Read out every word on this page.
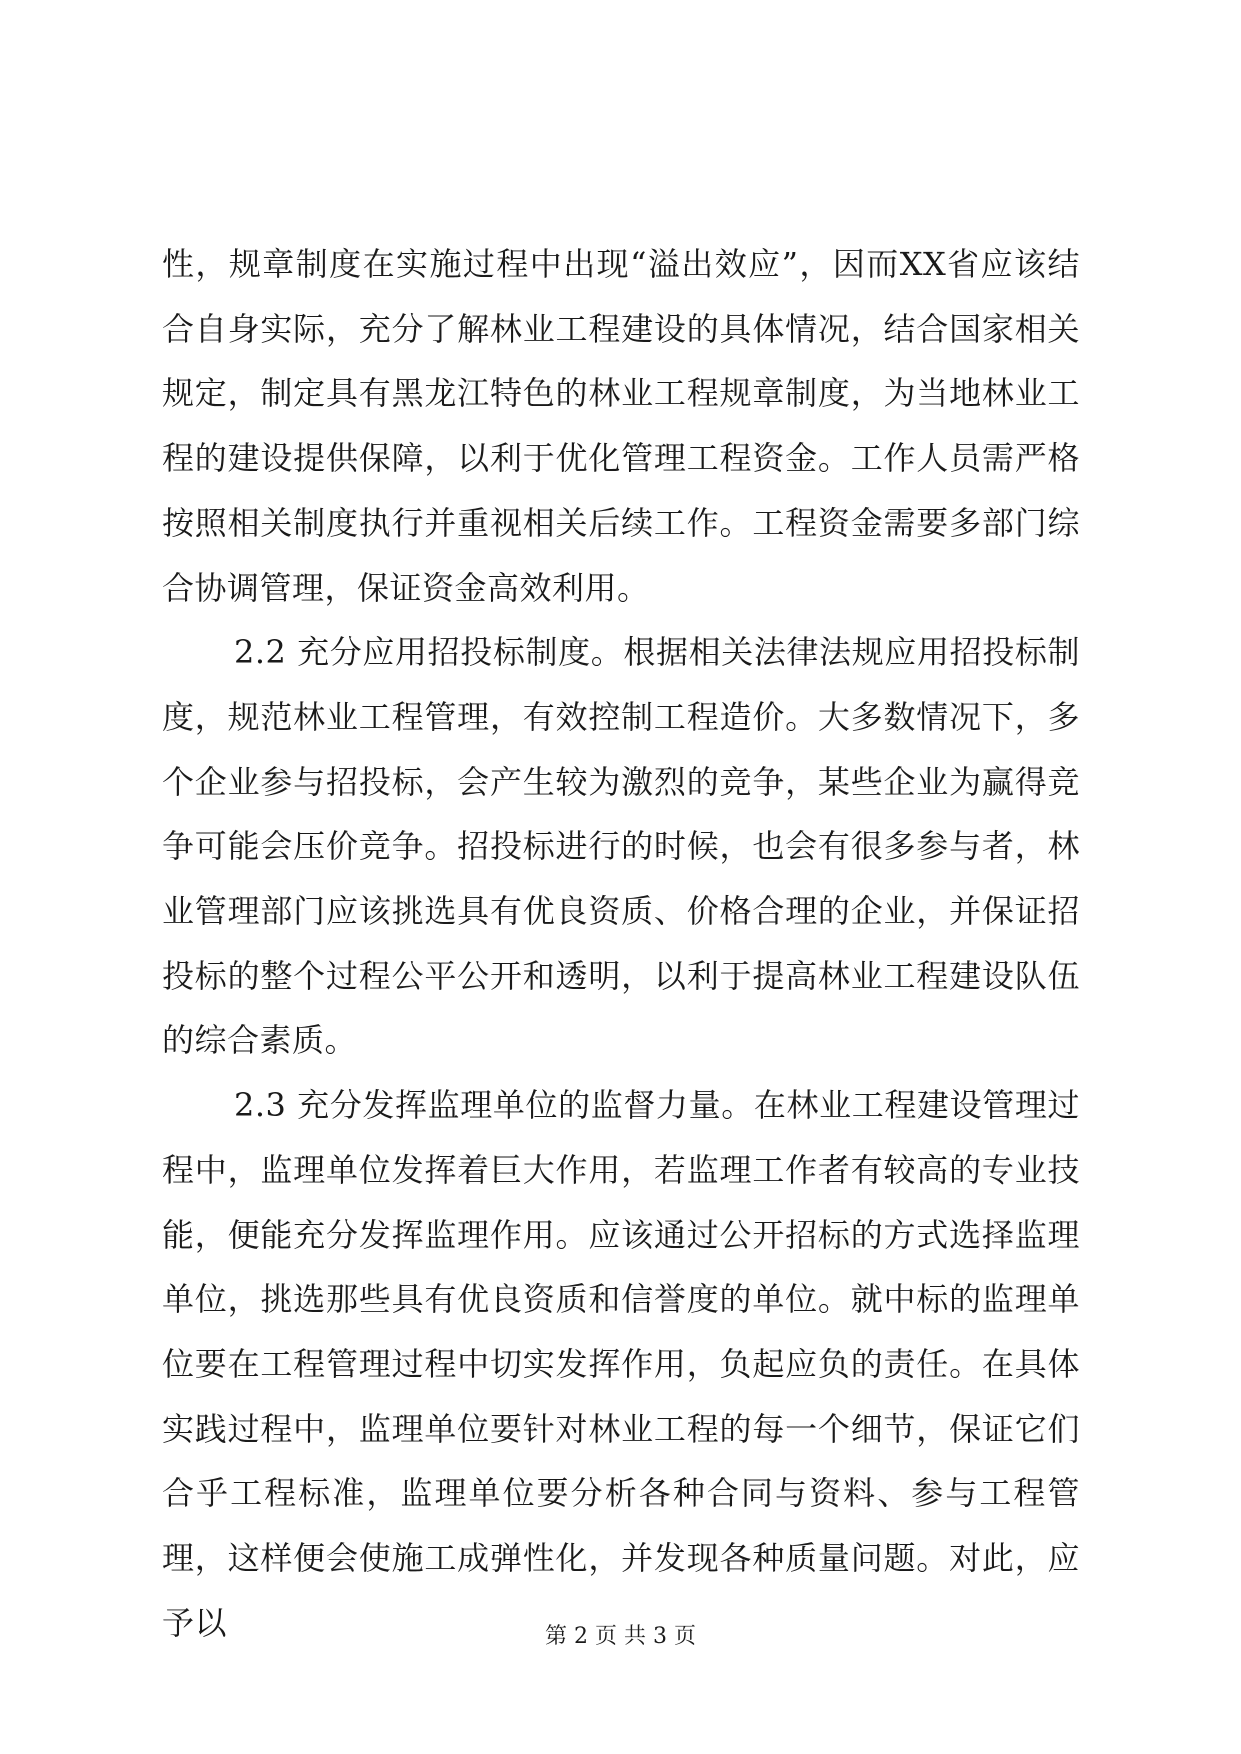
性，规章制度在实施过程中出现“溢出效应”，因而XX省应该结合自身实际，充分了解林业工程建设的具体情况，结合国家相关规定，制定具有黑龙江特色的林业工程规章制度，为当地林业工程的建设提供保障，以利于优化管理工程资金。工作人员需严格按照相关制度执行并重视相关后续工作。工程资金需要多部门综合协调管理，保证资金高效利用。

2.2 充分应用招投标制度。根据相关法律法规应用招投标制度，规范林业工程管理，有效控制工程造价。大多数情况下，多个企业参与招投标，会产生较为激烈的竞争，某些企业为赢得竞争可能会压价竞争。招投标进行的时候，也会有很多参与者，林业管理部门应该挑选具有优良资质、价格合理的企业，并保证招投标的整个过程公平公开和透明，以利于提高林业工程建设队伍的综合素质。

2.3 充分发挥监理单位的监督力量。在林业工程建设管理过程中，监理单位发挥着巨大作用，若监理工作者有较高的专业技能，便能充分发挥监理作用。应该通过公开招标的方式选择监理单位，挑选那些具有优良资质和信誉度的单位。就中标的监理单位要在工程管理过程中切实发挥作用，负起应负的责任。在具体实践过程中，监理单位要针对林业工程的每一个细节，保证它们合乎工程标准，监理单位要分析各种合同与资料、参与工程管理，这样便会使施工成弹性化，并发现各种质量问题。对此，应予以	第 2 页 共 3 页
